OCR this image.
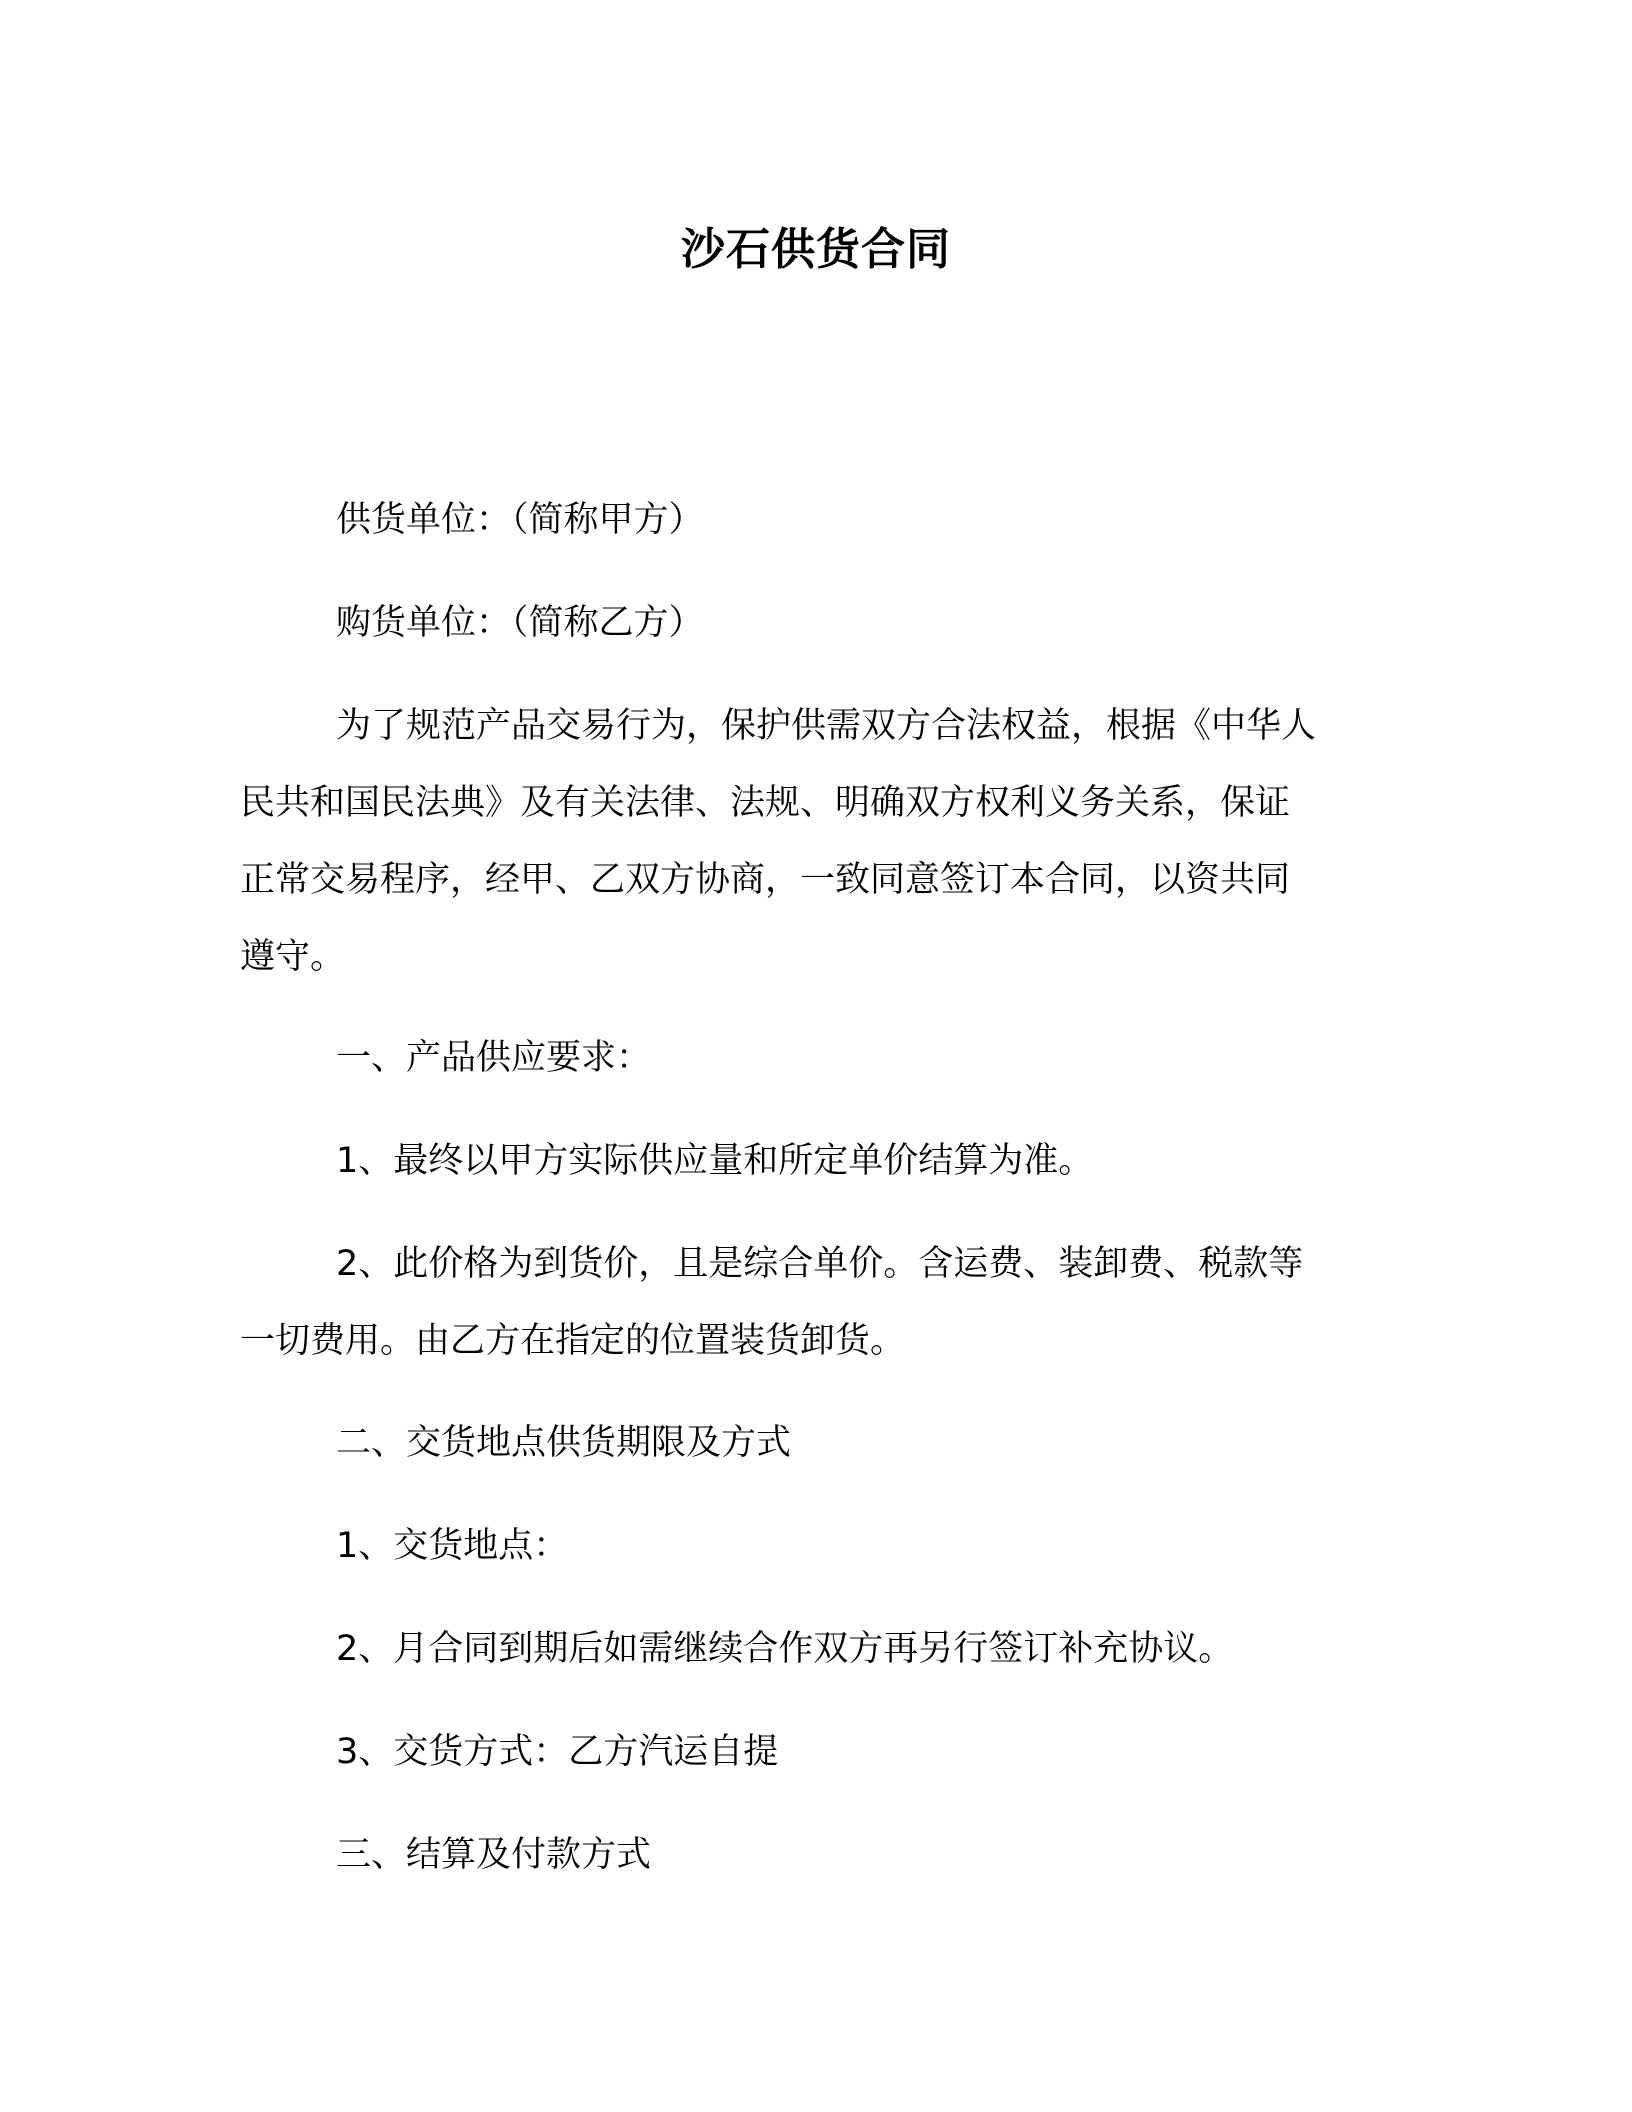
沙石供货合同
供货单位：（简称甲方）
购货单位：（简称乙方）
为了规范产品交易行为，保护供需双方合法权益，根据《中华人
民共和国民法典》及有关法律、法规、明确双方权利义务关系，保证
正常交易程序，经甲、乙双方协商，一致同意签订本合同，以资共同
遵守。
一、产品供应要求：
1、最终以甲方实际供应量和所定单价结算为准。
2、此价格为到货价，且是综合单价。含运费、装卸费、税款等
一切费用。由乙方在指定的位置装货卸货。
二、交货地点供货期限及方式
1、交货地点：
2、月合同到期后如需继续合作双方再另行签订补充协议。
3、交货方式：乙方汽运自提
三、结算及付款方式
